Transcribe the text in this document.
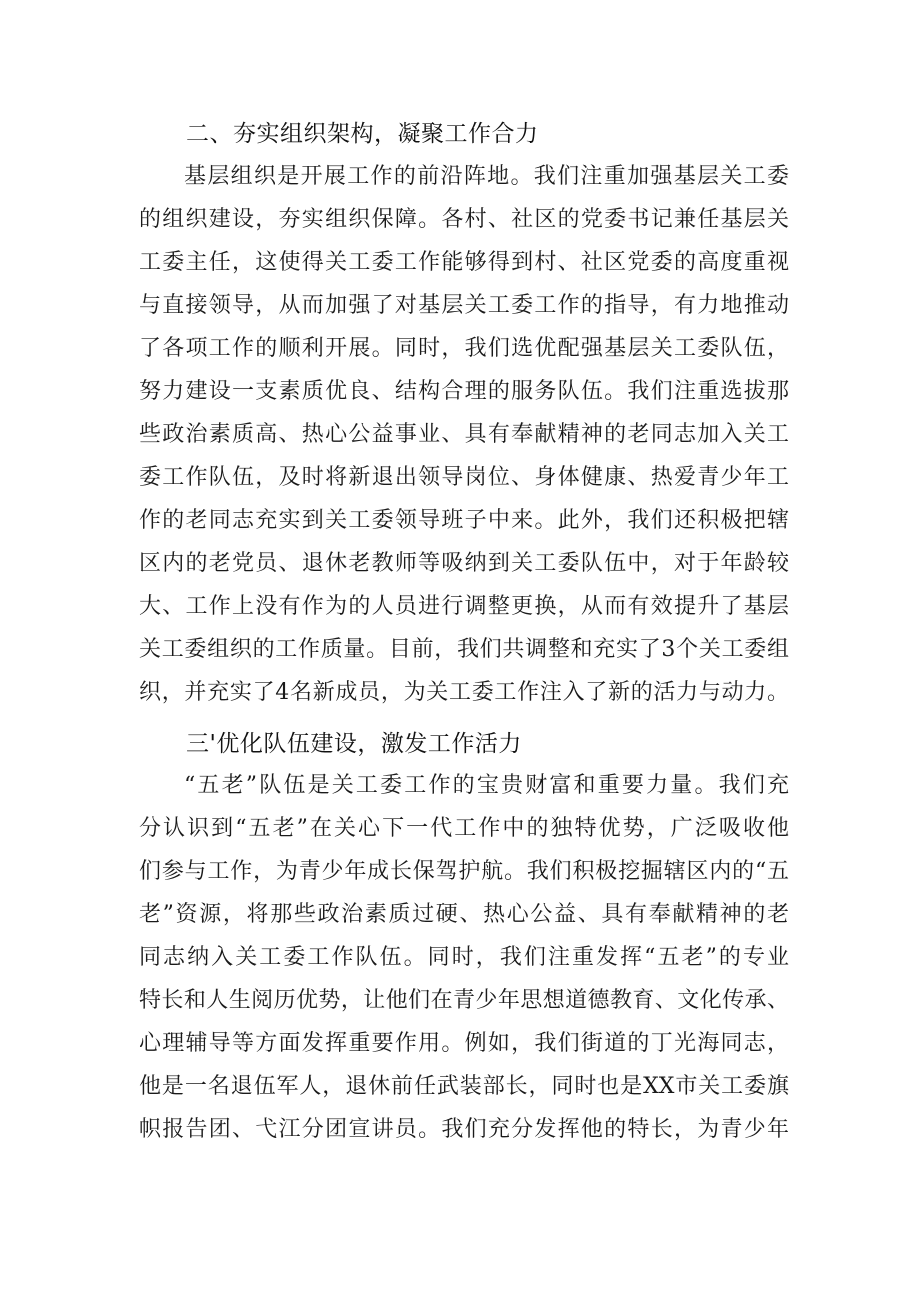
二、夯实组织架构，凝聚工作合力
基层组织是开展工作的前沿阵地。我们注重加强基层关工委
的组织建设，夯实组织保障。各村、社区的党委书记兼任基层关
工委主任，这使得关工委工作能够得到村、社区党委的高度重视
与直接领导，从而加强了对基层关工委工作的指导，有力地推动
了各项工作的顺利开展。同时，我们选优配强基层关工委队伍，
努力建设一支素质优良、结构合理的服务队伍。我们注重选拔那
些政治素质高、热心公益事业、具有奉献精神的老同志加入关工
委工作队伍，及时将新退出领导岗位、身体健康、热爱青少年工
作的老同志充实到关工委领导班子中来。此外，我们还积极把辖
区内的老党员、退休老教师等吸纳到关工委队伍中，对于年龄较
大、工作上没有作为的人员进行调整更换，从而有效提升了基层
关工委组织的工作质量。目前，我们共调整和充实了3个关工委组
织，并充实了4名新成员，为关工委工作注入了新的活力与动力。
三'优化队伍建设，激发工作活力
“五老”队伍是关工委工作的宝贵财富和重要力量。我们充
分认识到“五老”在关心下一代工作中的独特优势，广泛吸收他
们参与工作，为青少年成长保驾护航。我们积极挖掘辖区内的“五
老”资源，将那些政治素质过硬、热心公益、具有奉献精神的老
同志纳入关工委工作队伍。同时，我们注重发挥“五老”的专业
特长和人生阅历优势，让他们在青少年思想道德教育、文化传承、
心理辅导等方面发挥重要作用。例如，我们街道的丁光海同志，
他是一名退伍军人，退休前任武装部长，同时也是XX市关工委旗
帜报告团、弋江分团宣讲员。我们充分发挥他的特长，为青少年
